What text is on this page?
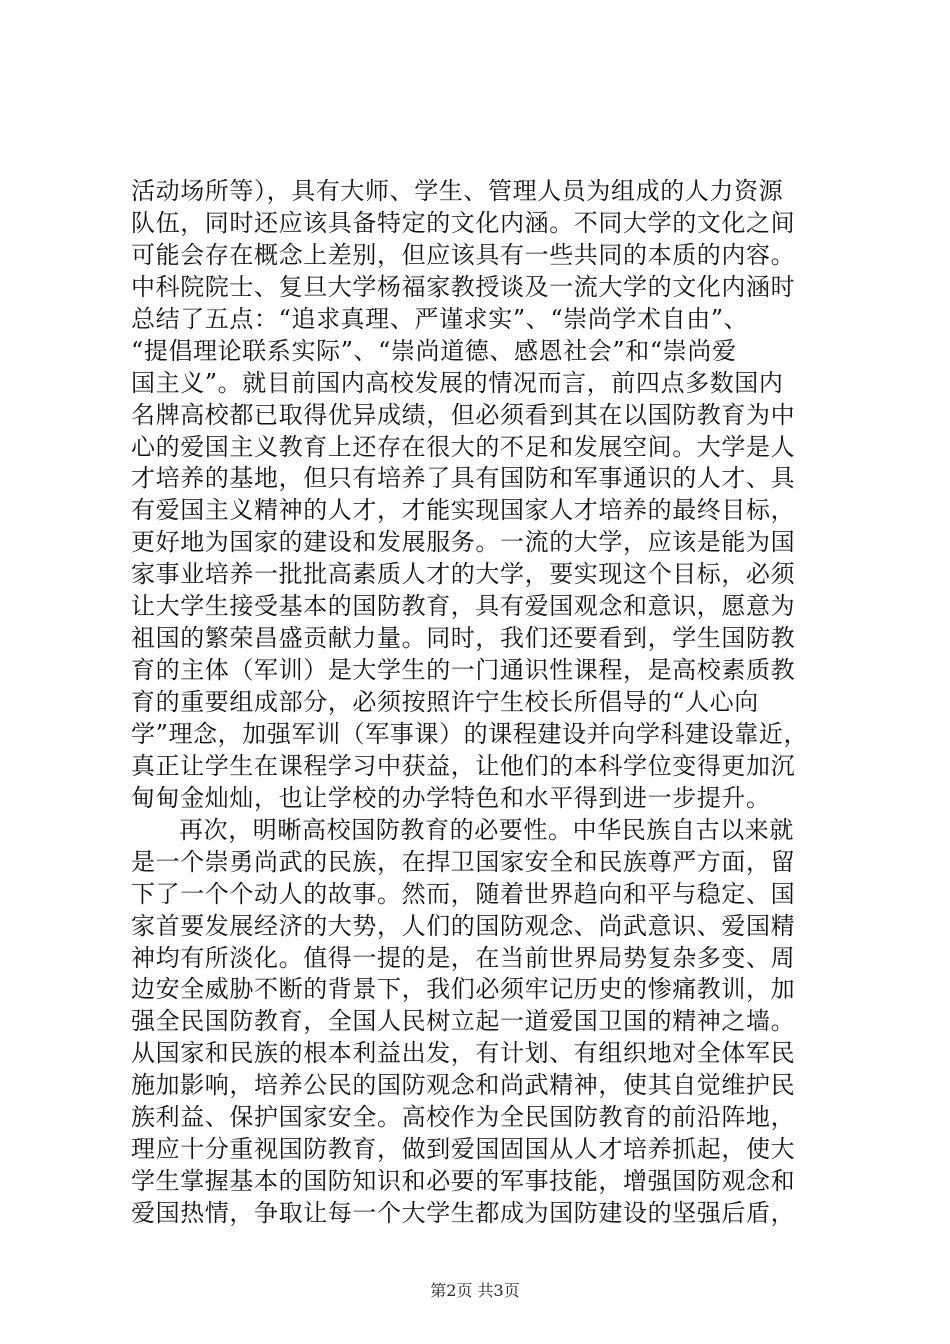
活动场所等），具有大师、学生、管理人员为组成的人力资源
队伍，同时还应该具备特定的文化内涵。不同大学的文化之间
可能会存在概念上差别，但应该具有一些共同的本质的内容。
中科院院士、复旦大学杨福家教授谈及一流大学的文化内涵时
总结了五点：“追求真理、严谨求实”、“崇尚学术自由”、
“提倡理论联系实际”、“崇尚道德、感恩社会”和“崇尚爱
国主义”。就目前国内高校发展的情况而言，前四点多数国内
名牌高校都已取得优异成绩，但必须看到其在以国防教育为中
心的爱国主义教育上还存在很大的不足和发展空间。大学是人
才培养的基地，但只有培养了具有国防和军事通识的人才、具
有爱国主义精神的人才，才能实现国家人才培养的最终目标，
更好地为国家的建设和发展服务。一流的大学，应该是能为国
家事业培养一批批高素质人才的大学，要实现这个目标，必须
让大学生接受基本的国防教育，具有爱国观念和意识，愿意为
祖国的繁荣昌盛贡献力量。同时，我们还要看到，学生国防教
育的主体（军训）是大学生的一门通识性课程，是高校素质教
育的重要组成部分，必须按照许宁生校长所倡导的“人心向
学”理念，加强军训（军事课）的课程建设并向学科建设靠近，
真正让学生在课程学习中获益，让他们的本科学位变得更加沉
甸甸金灿灿，也让学校的办学特色和水平得到进一步提升。
再次，明晰高校国防教育的必要性。中华民族自古以来就
是一个崇勇尚武的民族，在捍卫国家安全和民族尊严方面，留
下了一个个动人的故事。然而，随着世界趋向和平与稳定、国
家首要发展经济的大势，人们的国防观念、尚武意识、爱国精
神均有所淡化。值得一提的是，在当前世界局势复杂多变、周
边安全威胁不断的背景下，我们必须牢记历史的惨痛教训，加
强全民国防教育，全国人民树立起一道爱国卫国的精神之墙。
从国家和民族的根本利益出发，有计划、有组织地对全体军民
施加影响，培养公民的国防观念和尚武精神，使其自觉维护民
族利益、保护国家安全。高校作为全民国防教育的前沿阵地，
理应十分重视国防教育，做到爱国固国从人才培养抓起，使大
学生掌握基本的国防知识和必要的军事技能，增强国防观念和
爱国热情，争取让每一个大学生都成为国防建设的坚强后盾，
第2页 共3页
